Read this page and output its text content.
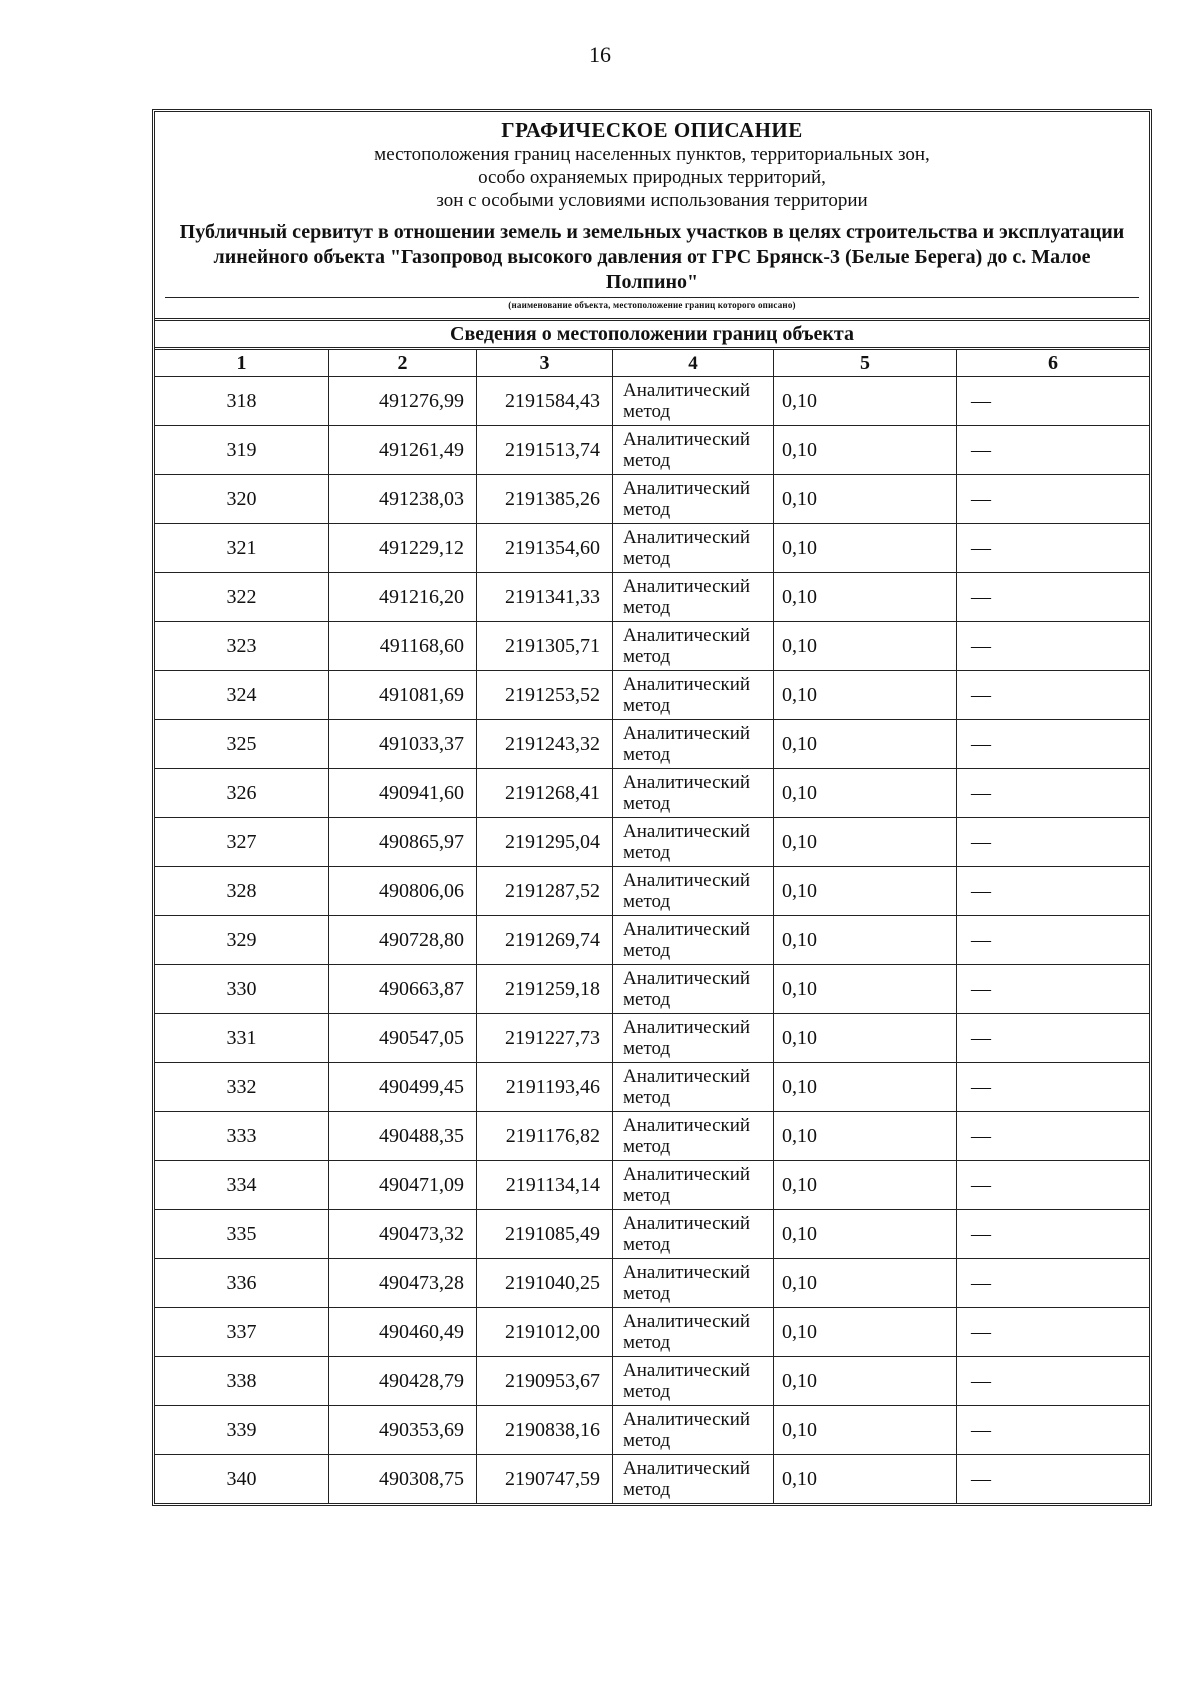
16
ГРАФИЧЕСКОЕ ОПИСАНИЕ
местоположения границ населенных пунктов, территориальных зон,
особо охраняемых природных территорий,
зон с особыми условиями использования территории
Публичный сервитут в отношении земель и земельных участков в целях строительства и эксплуатации линейного объекта "Газопровод высокого давления от ГРС Брянск-3 (Белые Берега) до с. Малое Полпино"
(наименование объекта, местоположение границ которого описано)
Сведения о местоположении границ объекта
1	2	3	4	5	6
318	491276,99	2191584,43	Аналитический метод	0,10	—
319	491261,49	2191513,74	Аналитический метод	0,10	—
320	491238,03	2191385,26	Аналитический метод	0,10	—
321	491229,12	2191354,60	Аналитический метод	0,10	—
322	491216,20	2191341,33	Аналитический метод	0,10	—
323	491168,60	2191305,71	Аналитический метод	0,10	—
324	491081,69	2191253,52	Аналитический метод	0,10	—
325	491033,37	2191243,32	Аналитический метод	0,10	—
326	490941,60	2191268,41	Аналитический метод	0,10	—
327	490865,97	2191295,04	Аналитический метод	0,10	—
328	490806,06	2191287,52	Аналитический метод	0,10	—
329	490728,80	2191269,74	Аналитический метод	0,10	—
330	490663,87	2191259,18	Аналитический метод	0,10	—
331	490547,05	2191227,73	Аналитический метод	0,10	—
332	490499,45	2191193,46	Аналитический метод	0,10	—
333	490488,35	2191176,82	Аналитический метод	0,10	—
334	490471,09	2191134,14	Аналитический метод	0,10	—
335	490473,32	2191085,49	Аналитический метод	0,10	—
336	490473,28	2191040,25	Аналитический метод	0,10	—
337	490460,49	2191012,00	Аналитический метод	0,10	—
338	490428,79	2190953,67	Аналитический метод	0,10	—
339	490353,69	2190838,16	Аналитический метод	0,10	—
340	490308,75	2190747,59	Аналитический метод	0,10	—
